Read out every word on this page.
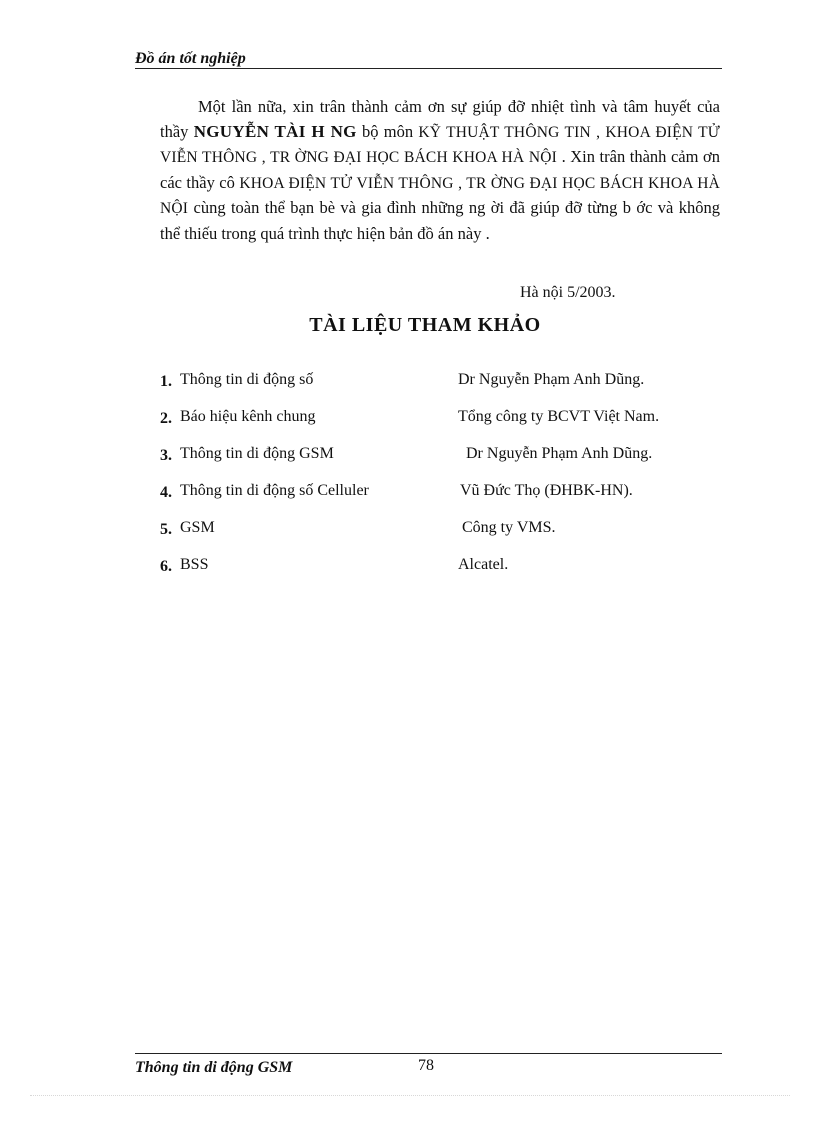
Đồ án tốt nghiệp
Một lần nữa, xin trân thành cảm ơn sự giúp đỡ nhiệt tình và tâm huyết của thầy NGUYỄN TÀI H NG bộ môn KỸ THUẬT THÔNG TIN , KHOA ĐIỆN TỬ VIỄN THÔNG , TR ỜNG ĐẠI HỌC BÁCH KHOA HÀ NỘI . Xin trân thành cảm ơn các thầy cô KHOA ĐIỆN TỬ VIỄN THÔNG , TR ỜNG ĐẠI HỌC BÁCH KHOA HÀ NỘI cùng toàn thể bạn bè và gia đình những ng ời đã giúp đỡ từng b ớc và không thể thiếu trong quá trình thực hiện bản đồ án này .
Hà nội 5/2003.
TÀI LIỆU THAM KHẢO
1. Thông tin di động số	Dr Nguyễn Phạm Anh Dũng.
2. Báo hiệu kênh chung	Tổng công ty BCVT Việt Nam.
3. Thông tin di động GSM	Dr Nguyễn Phạm Anh Dũng.
4. Thông tin di động số Celluler	Vũ Đức Thọ (ĐHBK-HN).
5. GSM	Công ty VMS.
6. BSS	Alcatel.
Thông tin di động GSM	78
